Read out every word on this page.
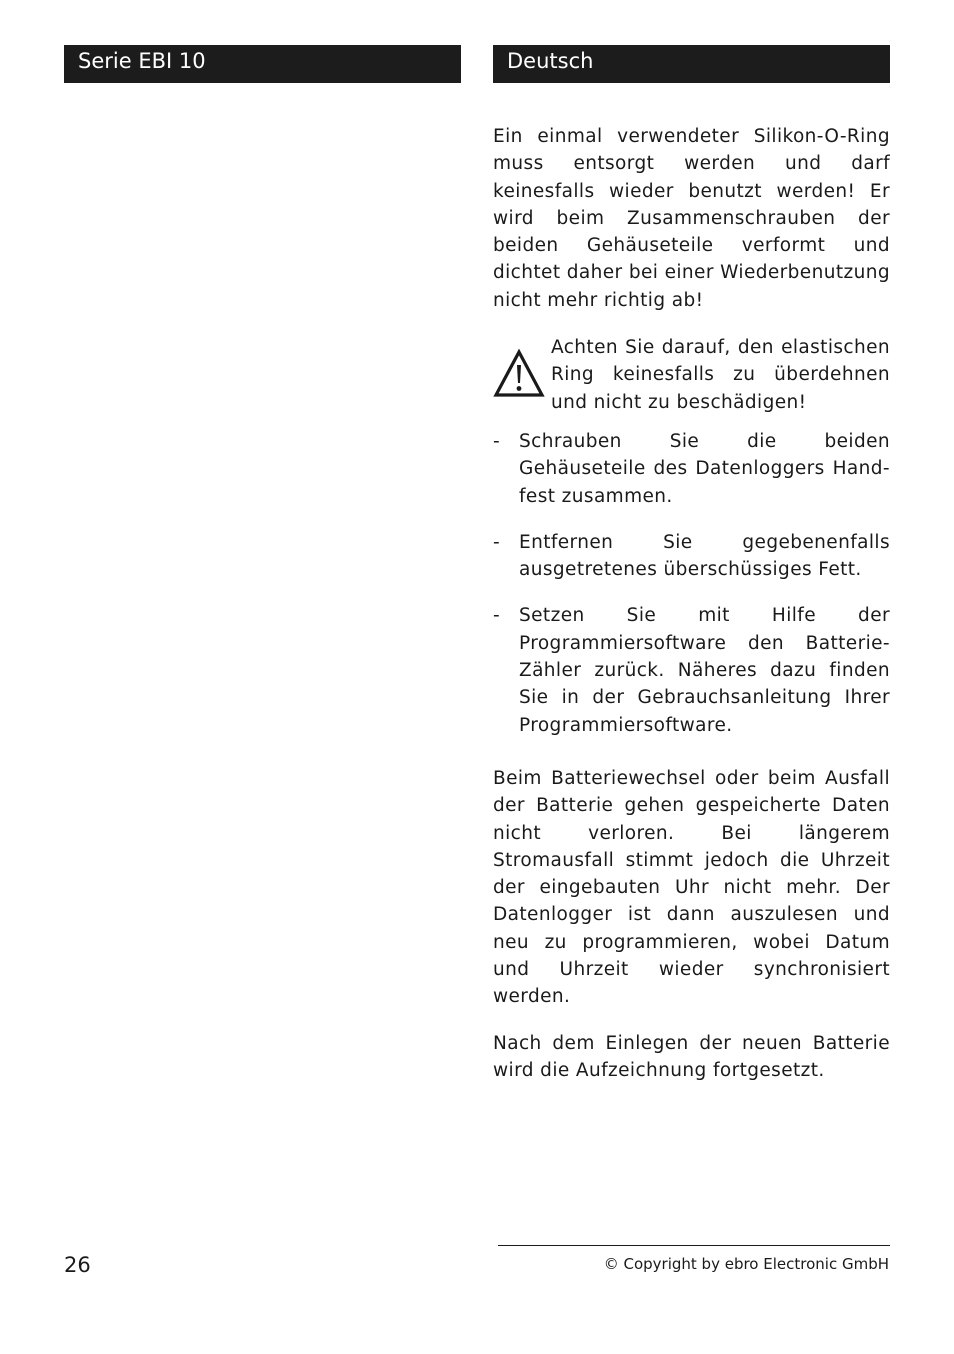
Serie EBI 10	Deutsch

Ein einmal verwendeter Silikon-O-Ring muss entsorgt werden und darf keinesfalls wieder benutzt werden! Er wird beim Zusammenschrauben der beiden Gehäuseteile verformt und dichtet daher bei einer Wiederbenutzung nicht mehr richtig ab!

Achten Sie darauf, den elastischen Ring keinesfalls zu überdehnen und nicht zu beschädigen!
- Schrauben Sie die beiden Gehäuseteile des Datenloggers Hand-fest zusammen.
- Entfernen Sie gegebenenfalls ausgetretenes überschüssiges Fett.
- Setzen Sie mit Hilfe der Programmiersoftware den Batterie-Zähler zurück. Näheres dazu finden Sie in der Gebrauchsanleitung Ihrer Programmiersoftware.

Beim Batteriewechsel oder beim Ausfall der Batterie gehen gespeicherte Daten nicht verloren. Bei längerem Stromausfall stimmt jedoch die Uhrzeit der eingebauten Uhr nicht mehr. Der Datenlogger ist dann auszulesen und neu zu programmieren, wobei Datum und Uhrzeit wieder synchronisiert werden.

Nach dem Einlegen der neuen Batterie wird die Aufzeichnung fortgesetzt.

26	© Copyright by ebro Electronic GmbH
